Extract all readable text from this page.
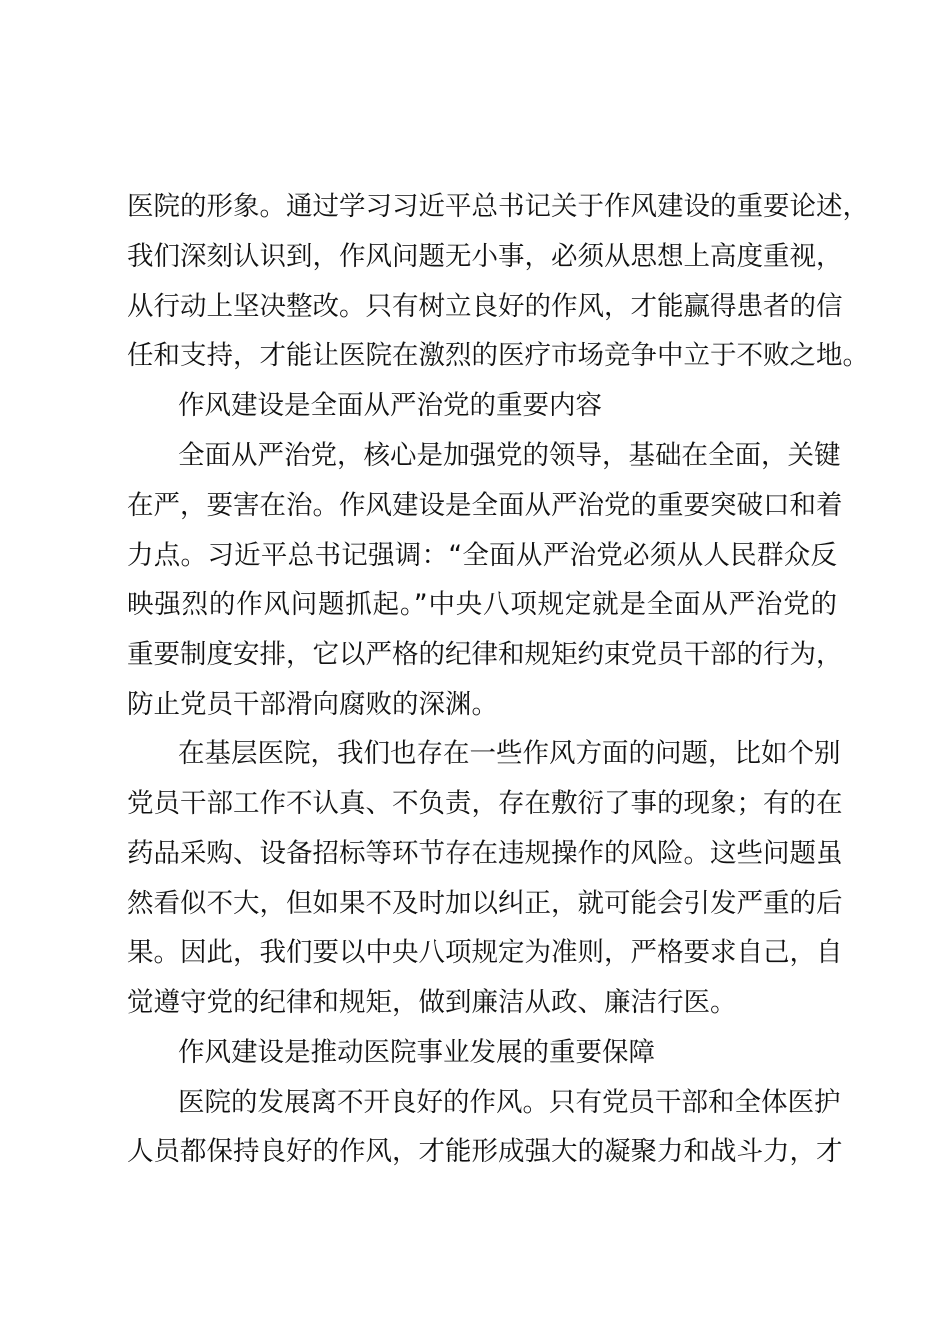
医院的形象。通过学习习近平总书记关于作风建设的重要论述，
我们深刻认识到，作风问题无小事，必须从思想上高度重视，
从行动上坚决整改。只有树立良好的作风，才能赢得患者的信
任和支持，才能让医院在激烈的医疗市场竞争中立于不败之地。
作风建设是全面从严治党的重要内容
全面从严治党，核心是加强党的领导，基础在全面，关键
在严，要害在治。作风建设是全面从严治党的重要突破口和着
力点。习近平总书记强调：“全面从严治党必须从人民群众反
映强烈的作风问题抓起。”中央八项规定就是全面从严治党的
重要制度安排，它以严格的纪律和规矩约束党员干部的行为，
防止党员干部滑向腐败的深渊。
在基层医院，我们也存在一些作风方面的问题，比如个别
党员干部工作不认真、不负责，存在敷衍了事的现象；有的在
药品采购、设备招标等环节存在违规操作的风险。这些问题虽
然看似不大，但如果不及时加以纠正，就可能会引发严重的后
果。因此，我们要以中央八项规定为准则，严格要求自己，自
觉遵守党的纪律和规矩，做到廉洁从政、廉洁行医。
作风建设是推动医院事业发展的重要保障
医院的发展离不开良好的作风。只有党员干部和全体医护
人员都保持良好的作风，才能形成强大的凝聚力和战斗力，才
